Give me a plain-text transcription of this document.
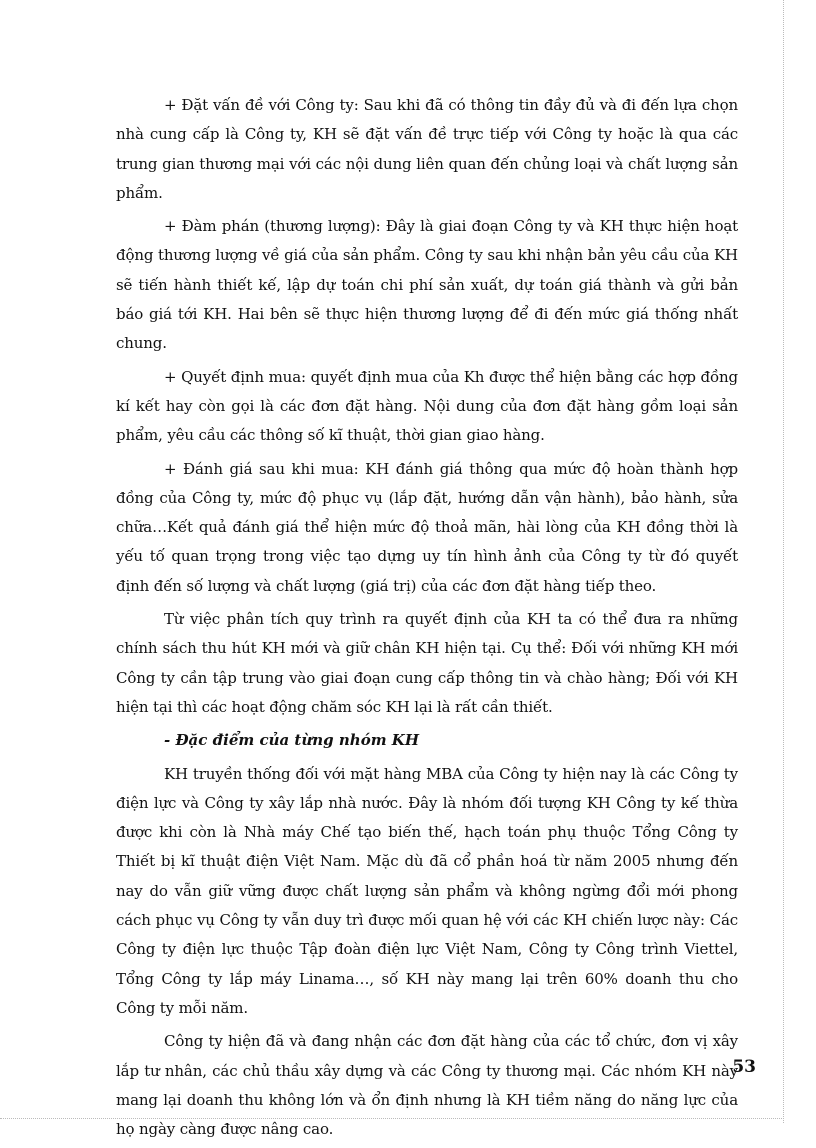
+ Đặt vấn đề với Công ty: Sau khi đã có thông tin đầy đủ và đi đến lựa chọn nhà cung cấp là Công ty, KH sẽ đặt vấn đề trực tiếp với Công ty hoặc là qua các trung gian thương mại với các nội dung liên quan đến chủng loại và chất lượng sản phẩm.

+ Đàm phán (thương lượng): Đây là giai đoạn Công ty và KH thực hiện hoạt động thương lượng về giá của sản phẩm. Công ty sau khi nhận bản yêu cầu của KH sẽ tiến hành thiết kế, lập dự toán chi phí sản xuất, dự toán giá thành và gửi bản báo giá tới KH. Hai bên sẽ thực hiện thương lượng để đi đến mức giá thống nhất chung.

+ Quyết định mua: quyết định mua của Kh được thể hiện bằng các hợp đồng kí kết hay còn gọi là các đơn đặt hàng. Nội dung của đơn đặt hàng gồm loại sản phẩm, yêu cầu các thông số kĩ thuật, thời gian giao hàng.

+ Đánh giá sau khi mua: KH đánh giá thông qua mức độ hoàn thành hợp đồng của Công ty, mức độ phục vụ (lắp đặt, hướng dẫn vận hành), bảo hành, sửa chữa…Kết quả đánh giá thể hiện mức độ thoả mãn, hài lòng của KH đồng thời là yếu tố quan trọng trong việc tạo dựng uy tín hình ảnh của Công ty từ đó quyết định đến số lượng và chất lượng (giá trị) của các đơn đặt hàng tiếp theo.

Từ việc phân tích quy trình ra quyết định của KH ta có thể đưa ra những chính sách thu hút KH mới và giữ chân KH hiện tại. Cụ thể: Đối với những KH mới Công ty cần tập trung vào giai đoạn cung cấp thông tin và chào hàng; Đối với KH hiện tại thì các hoạt động chăm sóc KH lại là rất cần thiết.

- Đặc điểm của từng nhóm KH

KH truyền thống đối với mặt hàng MBA của Công ty hiện nay là các Công ty điện lực và Công ty xây lắp nhà nước. Đây là nhóm đối tượng KH Công ty kế thừa được khi còn là Nhà máy Chế tạo biến thế, hạch toán phụ thuộc Tổng Công ty Thiết bị kĩ thuật điện Việt Nam. Mặc dù đã cổ phần hoá từ năm 2005 nhưng đến nay do vẫn giữ vững được chất lượng sản phẩm và không ngừng đổi mới phong cách phục vụ Công ty vẫn duy trì được mối quan hệ với các KH chiến lược này: Các Công ty điện lực thuộc Tập đoàn điện lực Việt Nam, Công ty Công trình Viettel, Tổng Công ty lắp máy Linama…, số KH này mang lại trên 60% doanh thu cho Công ty mỗi năm.

Công ty hiện đã và đang nhận các đơn đặt hàng của các tổ chức, đơn vị xây lắp tư nhân, các chủ thầu xây dựng và các Công ty thương mại. Các nhóm KH này mang lại doanh thu không lớn và ổn định nhưng là KH tiềm năng do năng lực của họ ngày càng được nâng cao.

53
